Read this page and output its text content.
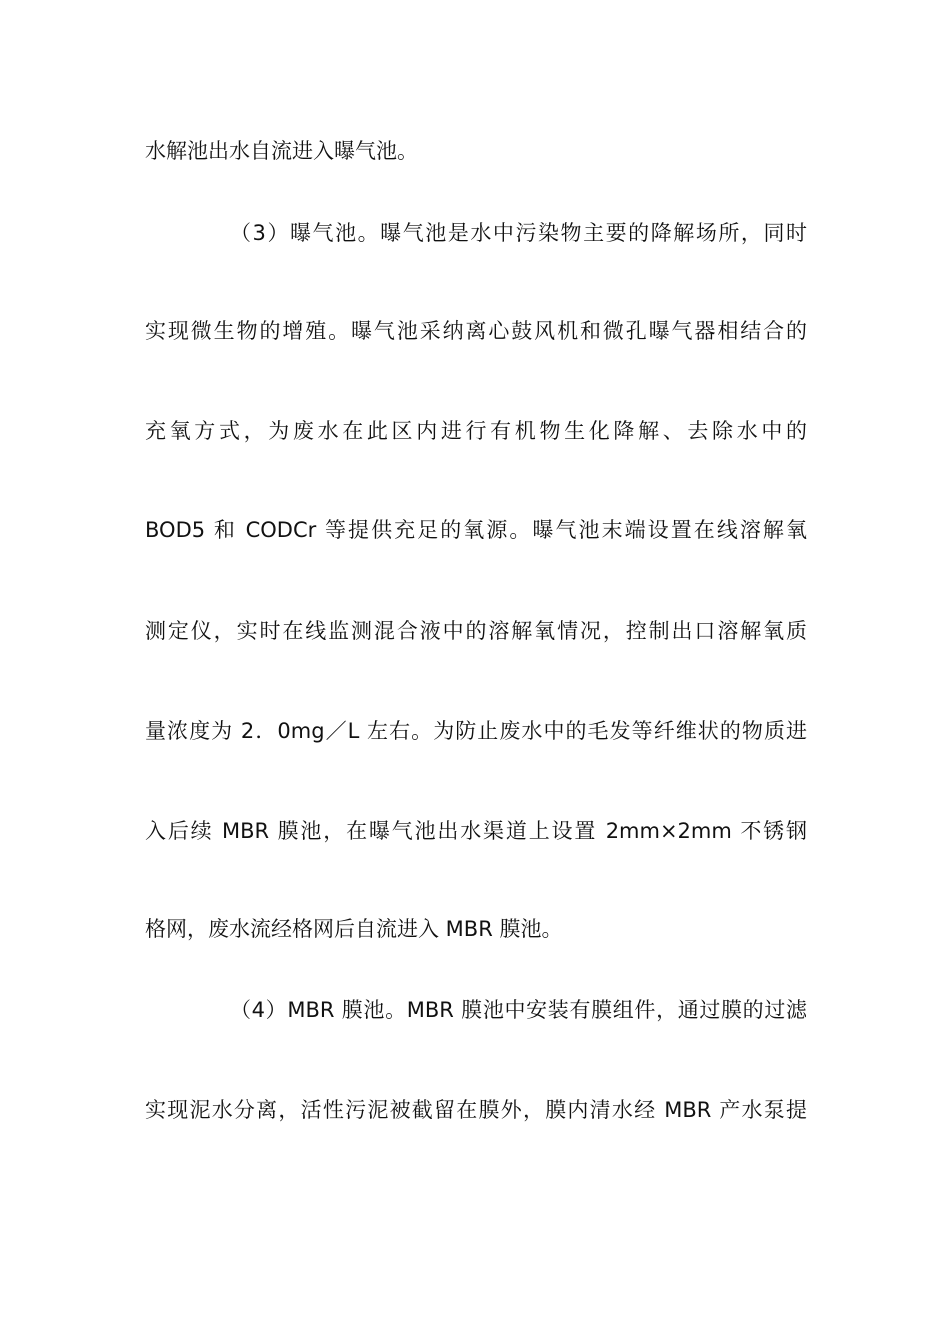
水解池出水自流进入曝气池。
（3）曝气池。曝气池是水中污染物主要的降解场所，同时
实现微生物的增殖。曝气池采纳离心鼓风机和微孔曝气器相结合的
充氧方式，为废水在此区内进行有机物生化降解、去除水中的
BOD5 和 CODCr 等提供充足的氧源。曝气池末端设置在线溶解氧
测定仪，实时在线监测混合液中的溶解氧情况，控制出口溶解氧质
量浓度为 2．0mg／L 左右。为防止废水中的毛发等纤维状的物质进
入后续 MBR 膜池，在曝气池出水渠道上设置 2mm×2mm 不锈钢
格网，废水流经格网后自流进入 MBR 膜池。
（4）MBR 膜池。MBR 膜池中安装有膜组件，通过膜的过滤
实现泥水分离，活性污泥被截留在膜外，膜内清水经 MBR 产水泵提
